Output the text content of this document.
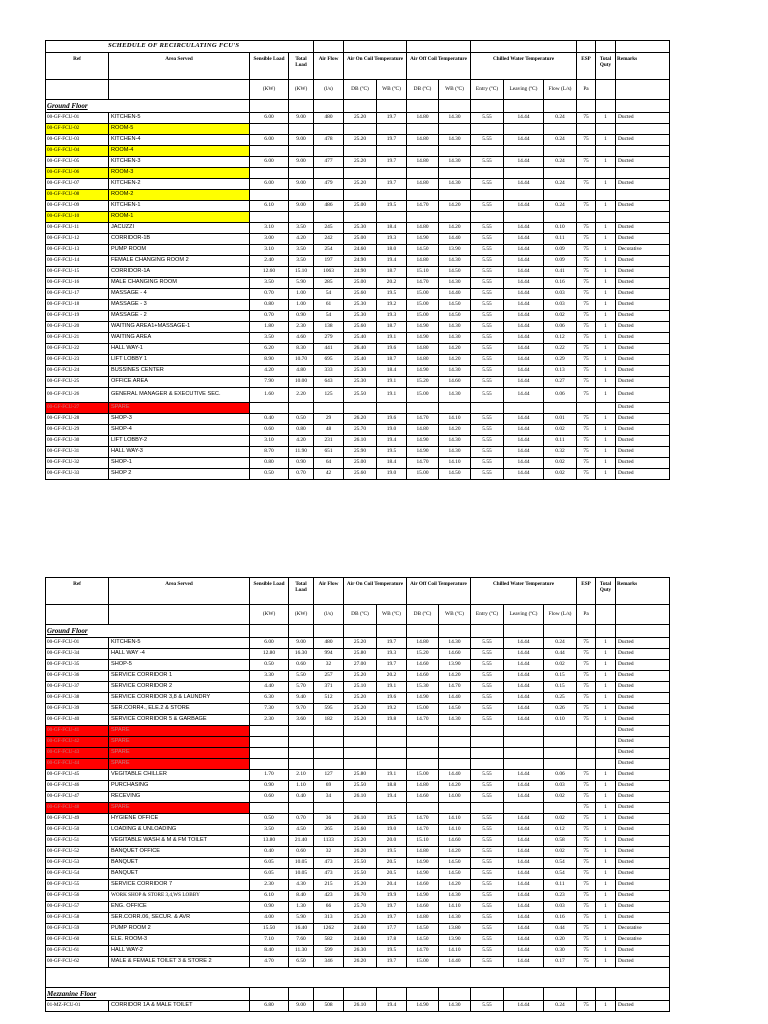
SCHEDULE OF RECIRCULATING FCU'S														
Ref	Area Served	Sensible Load	Total Load	Air Flow	Air On Coil Temperature		Air Off Coil Temperature		Chilled Water Temperature			ESP	Total Quty	Remarks
		(KW)	(KW)	(l/s)	DB (ºC)	WB (ºC)	DB (ºC)	WB (ºC)	Entry (ºC)	Leaving (ºC)	Flow (L/s)	Pa		
Ground Floor														
00-GF-FCU-01	KITCHEN-5	6.00	9.00	480	25.20	19.7	14.80	14.30	5.55	14.44	0.24	75	1	Ducted
00-GF-FCU-02	ROOM-5													
00-GF-FCU-03	KITCHEN-4	6.00	9.00	478	25.20	19.7	14.80	14.30	5.55	14.44	0.24	75	1	Ducted
00-GF-FCU-04	ROOM-4													
00-GF-FCU-05	KITCHEN-3	6.00	9.00	477	25.20	19.7	14.80	14.30	5.55	14.44	0.24	75	1	Ducted
00-GF-FCU-06	ROOM-3													
00-GF-FCU-07	KITCHEN-2	6.00	9.00	479	25.20	19.7	14.80	14.30	5.55	14.44	0.24	75	1	Ducted
00-GF-FCU-08	ROOM-2													
00-GF-FCU-09	KITCHEN-1	6.10	9.00	486	25.00	19.5	14.70	14.20	5.55	14.44	0.24	75	1	Ducted
00-GF-FCU-10	ROOM-1													
00-GF-FCU-11	JACUZZI	3.10	3.50	245	25.30	18.4	14.80	14.20	5.55	14.44	0.10	75	1	Ducted
00-GF-FCU-12	CORRIDOR-1B	3.00	4.20	242	25.00	19.3	14.90	14.40	5.55	14.44	0.11	75	1	Ducted
00-GF-FCU-13	PUMP ROOM	3.10	3.50	254	24.60	18.0	14.50	13.90	5.55	14.44	0.09	75	1	Decorative
00-GF-FCU-14	FEMALE CHANGING ROOM 2	2.40	3.50	197	24.90	19.4	14.80	14.30	5.55	14.44	0.09	75	1	Ducted
00-GF-FCU-15	CORRIDOR-1A	12.60	15.10	1063	24.90	18.7	15.10	14.50	5.55	14.44	0.41	75	1	Ducted
00-GF-FCU-16	MALE CHANGING ROOM	3.50	5.90	285	25.00	20.2	14.70	14.30	5.55	14.44	0.16	75	1	Ducted
00-GF-FCU-17	MASSAGE - 4	0.70	1.00	54	25.60	19.5	15.00	14.40	5.55	14.44	0.03	75	1	Ducted
00-GF-FCU-18	MASSAGE - 3	0.80	1.00	61	25.30	19.2	15.00	14.50	5.55	14.44	0.03	75	1	Ducted
00-GF-FCU-19	MASSAGE - 2	0.70	0.90	54	25.30	19.3	15.00	14.50	5.55	14.44	0.02	75	1	Ducted
00-GF-FCU-20	WAITING AREA1+MASSAGE-1	1.80	2.30	138	25.60	18.7	14.90	14.30	5.55	14.44	0.06	75	1	Ducted
00-GF-FCU-21	WAITING AREA	3.50	4.60	279	25.40	19.1	14.90	14.30	5.55	14.44	0.12	75	1	Ducted
00-GF-FCU-22	HALL WAY-1	6.20	8.30	441	26.40	19.6	14.80	14.20	5.55	14.44	0.22	75	1	Ducted
00-GF-FCU-23	LIFT LOBBY 1	8.90	10.70	695	25.40	18.7	14.80	14.20	5.55	14.44	0.29	75	1	Ducted
00-GF-FCU-24	BUSSINES CENTER	4.20	4.80	333	25.30	18.4	14.90	14.30	5.55	14.44	0.13	75	1	Ducted
00-GF-FCU-25	OFFICE AREA	7.90	10.00	643	25.30	19.1	15.20	14.60	5.55	14.44	0.27	75	1	Ducted
00-GF-FCU-26	GENERAL MANAGER & EXECUTIVE SEC.	1.60	2.20	125	25.50	19.1	15.00	14.30	5.55	14.44	0.06	75	1	Ducted
00-GF-FCU-27	SPARE													Ducted
00-GF-FCU-28	SHOP-3	0.40	0.50	29	26.20	19.6	14.70	14.10	5.55	14.44	0.01	75	1	Ducted
00-GF-FCU-29	SHOP-4	0.60	0.80	48	25.70	19.0	14.80	14.20	5.55	14.44	0.02	75	1	Ducted
00-GF-FCU-30	LIFT LOBBY-2	3.10	4.20	231	26.10	19.4	14.90	14.30	5.55	14.44	0.11	75	1	Ducted
00-GF-FCU-31	HALL WAY-3	8.70	11.90	651	25.90	19.5	14.90	14.30	5.55	14.44	0.32	75	1	Ducted
00-GF-FCU-32	SHOP-1	0.80	0.90	64	25.00	18.4	14.70	14.10	5.55	14.44	0.02	75	1	Ducted
00-GF-FCU-33	SHOP 2	0.50	0.70	42	25.60	19.0	15.00	14.50	5.55	14.44	0.02	75	1	Ducted
Ref	Area Served	Sensible Load	Total Load	Air Flow	Air On Coil Temperature		Air Off Coil Temperature		Chilled Water Temperature			ESP	Total Quty	Remarks
		(KW)	(KW)	(l/s)	DB (ºC)	WB (ºC)	DB (ºC)	WB (ºC)	Entry (ºC)	Leaving (ºC)	Flow (L/s)	Pa		
Ground Floor														
00-GF-FCU-01	KITCHEN-5	6.00	9.00	480	25.20	19.7	14.80	14.30	5.55	14.44	0.24	75	1	Ducted
00-GF-FCU-34	HALL WAY -4	12.80	16.30	994	25.80	19.3	15.20	14.60	5.55	14.44	0.44	75	1	Ducted
00-GF-FCU-35	SHOP-5	0.50	0.60	32	27.00	19.7	14.60	13.90	5.55	14.44	0.02	75	1	Ducted
00-GF-FCU-36	SERVICE CORRIDOR 1	3.30	5.50	257	25.20	20.2	14.60	14.20	5.55	14.44	0.15	75	1	Ducted
00-GF-FCU-37	SERVICE CORRIDOR 2	4.40	5.70	371	25.10	19.1	15.30	14.70	5.55	14.44	0.15	75	1	Ducted
00-GF-FCU-38	SERVICE CORRIDOR 3,8 & LAUNDRY	6.30	9.40	512	25.20	19.6	14.90	14.40	5.55	14.44	0.25	75	1	Ducted
00-GF-FCU-39	SER.CORR4., ELE.2 & STORE	7.30	9.70	595	25.20	19.2	15.00	14.50	5.55	14.44	0.26	75	1	Ducted
00-GF-FCU-40	SERVICE CORRIDOR 5 & GARBAGE	2.30	3.60	182	25.20	19.8	14.70	14.30	5.55	14.44	0.10	75	1	Ducted
00-GF-FCU-41	SPARE													Ducted
00-GF-FCU-42	SPARE													Ducted
00-GF-FCU-43	SPARE													Ducted
00-GF-FCU-44	SPARE													Ducted
00-GF-FCU-45	VEGITABLE CHILLER	1.70	2.10	127	25.80	19.1	15.00	14.40	5.55	14.44	0.06	75	1	Ducted
00-GF-FCU-46	PURCHASING	0.90	1.10	69	25.50	18.8	14.80	14.20	5.55	14.44	0.03	75	1	Ducted
00-GF-FCU-47	RECEVING	0.60	0.40	34	26.10	19.4	14.60	14.00	5.55	14.44	0.02	75	1	Ducted
00-GF-FCU-48	SPARE											75	1	Ducted
00-GF-FCU-49	HYGIENE OFFICE	0.50	0.70	36	26.10	19.5	14.70	14.10	5.55	14.44	0.02	75	1	Ducted
00-GF-FCU-50	LOADING & UNLOADING	3.50	4.50	265	25.60	19.0	14.70	14.10	5.55	14.44	0.12	75	1	Ducted
00-GF-FCU-51	VEGITABLE WASH & M & FM TOILET	13.80	21.40	1133	25.20	20.0	15.10	14.60	5.55	14.44	0.58	75	1	Ducted
00-GF-FCU-52	BANQUET OFFICE	0.40	0.60	32	26.20	19.5	14.80	14.20	5.55	14.44	0.02	75	1	Ducted
00-GF-FCU-53	BANQUET	6.05	10.05	473	25.50	20.5	14.90	14.50	5.55	14.44	0.54	75	1	Ducted
00-GF-FCU-54	BANQUET	6.05	10.05	473	25.50	20.5	14.90	14.50	5.55	14.44	0.54	75	1	Ducted
00-GF-FCU-55	SERVICE CORRIDOR 7	2.30	4.30	215	25.20	20.4	14.60	14.20	5.55	14.44	0.11	75	1	Ducted
00-GF-FCU-56	WORK SHOP & STORE 3,4,WS LOBBY	6.10	8.40	423	26.70	19.9	14.90	14.30	5.55	14.44	0.23	75	1	Ducted
00-GF-FCU-57	ENG. OFFICE	0.90	1.30	66	25.70	19.7	14.60	14.10	5.55	14.44	0.03	75	1	Ducted
00-GF-FCU-58	SER.CORR.06, SECUR. & AVR	4.00	5.90	313	25.20	19.7	14.80	14.30	5.55	14.44	0.16	75	1	Ducted
00-GF-FCU-59	PUMP ROOM 2	15.50	16.40	1262	24.60	17.7	14.50	13.80	5.55	14.44	0.44	75	1	Decorative
00-GF-FCU-60	ELE. ROOM-3	7.10	7.60	582	24.60	17.8	14.50	13.90	5.55	14.44	0.20	75	1	Decorative
00-GF-FCU-61	HALL WAY-2	8.40	11.30	599	26.30	19.5	14.70	14.10	5.55	14.44	0.30	75	1	Ducted
00-GF-FCU-62	MALE & FEMALE TOILET 3 & STORE 2	4.70	6.50	346	26.20	19.7	15.00	14.40	5.55	14.44	0.17	75	1	Ducted

Mezzanine Floor														
01-MZ-FCU-01	CORRIDOR 1A & MALE TOILET	6.80	9.00	508	26.10	19.4	14.90	14.30	5.55	14.44	0.24	75	1	Ducted
